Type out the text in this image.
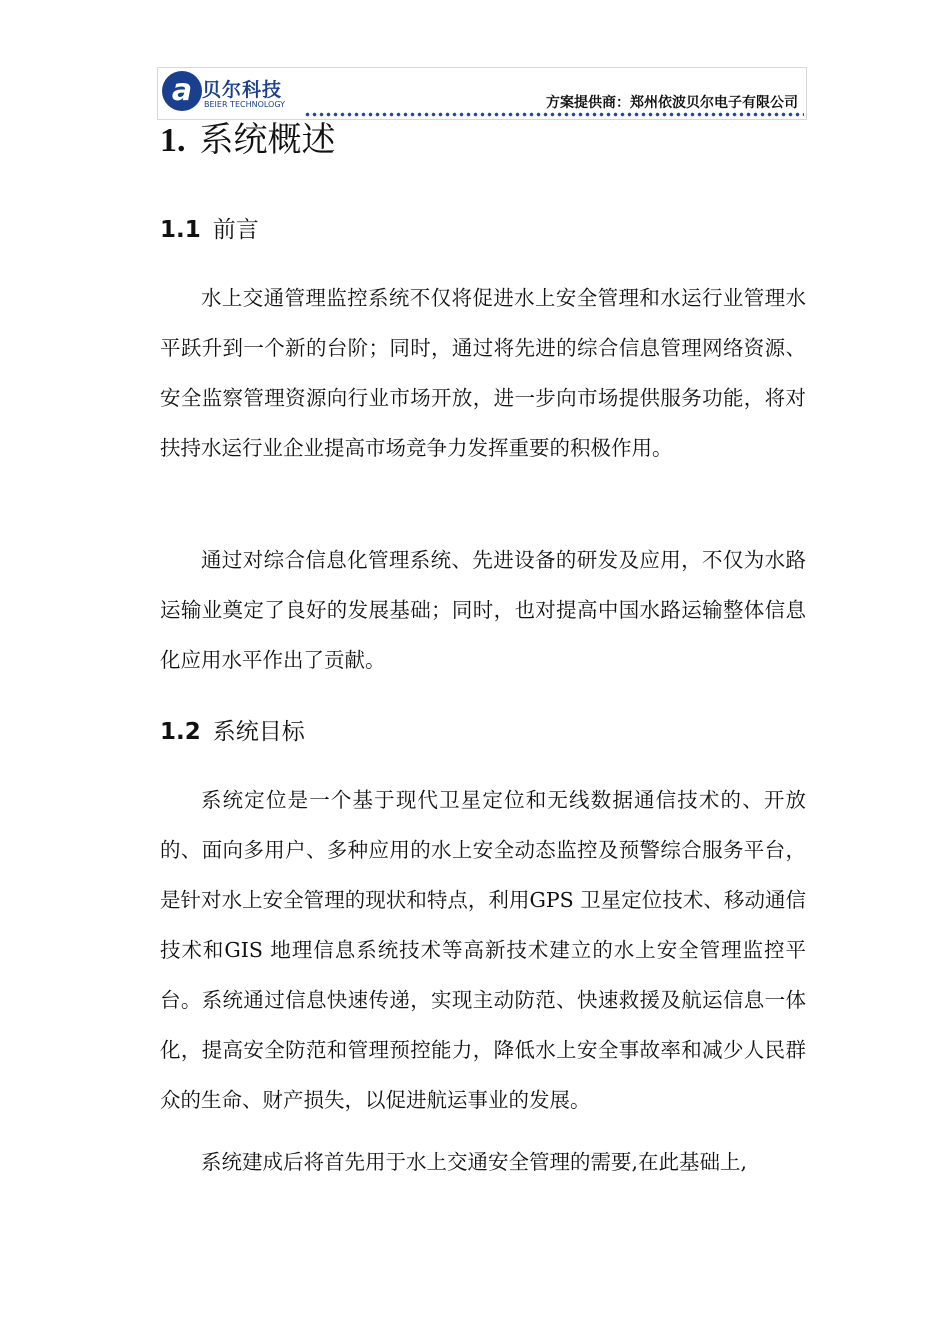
a 贝尔科技
BEIER TECHNOLOGY	方案提供商：郑州依波贝尔电子有限公司
1. 系统概述
1.1 前言

水上交通管理监控系统不仅将促进水上安全管理和水运行业管理水平跃升到一个新的台阶；同时，通过将先进的综合信息管理网络资源、安全监察管理资源向行业市场开放，进一步向市场提供服务功能，将对扶持水运行业企业提高市场竞争力发挥重要的积极作用。

通过对综合信息化管理系统、先进设备的研发及应用，不仅为水路运输业奠定了良好的发展基础；同时，也对提高中国水路运输整体信息化应用水平作出了贡献。

1.2 系统目标

系统定位是一个基于现代卫星定位和无线数据通信技术的、开放的、面向多用户、多种应用的水上安全动态监控及预警综合服务平台，是针对水上安全管理的现状和特点，利用GPS 卫星定位技术、移动通信技术和GIS 地理信息系统技术等高新技术建立的水上安全管理监控平台。系统通过信息快速传递，实现主动防范、快速救援及航运信息一体化，提高安全防范和管理预控能力，降低水上安全事故率和减少人民群众的生命、财产损失，以促进航运事业的发展。

系统建成后将首先用于水上交通安全管理的需要,在此基础上,
